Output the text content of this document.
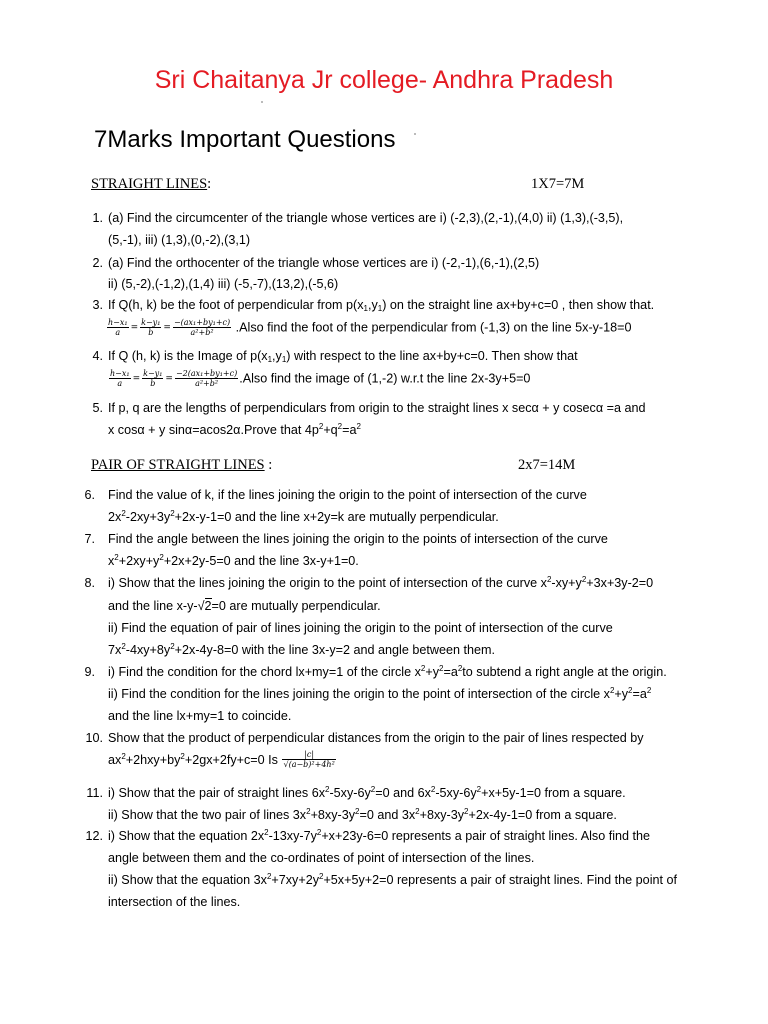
Sri Chaitanya Jr college- Andhra Pradesh
7Marks Important Questions
STRAIGHT LINES:	1X7=7M
1. (a) Find the circumcenter of the triangle whose vertices are i) (-2,3),(2,-1),(4,0) ii) (1,3),(-3,5),
(5,-1), iii) (1,3),(0,-2),(3,1)
2. (a) Find the orthocenter of the triangle whose vertices are i) (-2,-1),(6,-1),(2,5)
ii) (5,-2),(-1,2),(1,4) iii) (-5,-7),(13,2),(-5,6)
3. If Q(h, k) be the foot of perpendicular from $p(x_1,y_1)$ on the straight line ax+by+c=0 , then show that.
$\frac{\text{h−x₁}}{a} = \frac{\text{k−y₁}}{b} = \frac{\text{−(ax₁+by₁+c)}}{\text{a²+b²}}$ .Also find the foot of the perpendicular from (-1,3) on the line 5x-y-18=0
4. If Q (h, k) is the Image of $p(x_1,y_1)$ with respect to the line ax+by+c=0. Then show that
$\frac{\text{h−x₁}}{a} = \frac{\text{k−y₁}}{b} = \frac{\text{−2(ax₁+by₁+c)}}{\text{a²+b²}}$ .Also find the image of (1,-2) w.r.t the line 2x-3y+5=0
5. If p, q are the lengths of perpendiculars from origin to the straight lines x secα + y cosecα =a and
x cosα + y sinα=acos2α.Prove that $4p^2+q^2=a^2$
PAIR OF STRAIGHT LINES :	2x7=14M
6. Find the value of k, if the lines joining the origin to the point of intersection of the curve
$2x^2-2xy+3y^2+2x-y-1=0$ and the line x+2y=k are mutually perpendicular.
7. Find the angle between the lines joining the origin to the points of intersection of the curve
$x^2+2xy+y^2+2x+2y-5=0$ and the line 3x-y+1=0.
8. i) Show that the lines joining the origin to the point of intersection of the curve $x^2-xy+y^2+3x+3y-2=0$
and the line x-y-√2=0 are mutually perpendicular.
ii) Find the equation of pair of lines joining the origin to the point of intersection of the curve
$7x^2-4xy+8y^2+2x-4y-8=0$ with the line 3x-y=2 and angle between them.
9. i) Find the condition for the chord lx+my=1 of the circle $x^2+y^2=a^2to$ subtend a right angle at the origin.
ii) Find the condition for the lines joining the origin to the point of intersection of the circle $x^2+y^2=a^2$
and the line lx+my=1 to coincide.
10. Show that the product of perpendicular distances from the origin to the pair of lines respected by
$ax^2+2hxy+by^2+2gx+2fy+c=0$ Is $\frac{|c|}{\text{√(a−b)²+4h²}}$
11. i) Show that the pair of straight lines $6x^2-5xy-6y^2=0$ and $6x^2-5xy-6y^2+x+5y-1=0$ from a square.
ii) Show that the two pair of lines $3x^2+8xy-3y^2=0$ and $3x^2+8xy-3y^2+2x-4y-1=0$ from a square.
12. i) Show that the equation $2x^2-13xy-7y^2+x+23y-6=0$ represents a pair of straight lines. Also find the
angle between them and the co-ordinates of point of intersection of the lines.
ii) Show that the equation $3x^2+7xy+2y^2+5x+5y+2=0$ represents a pair of straight lines. Find the point of
intersection of the lines.
